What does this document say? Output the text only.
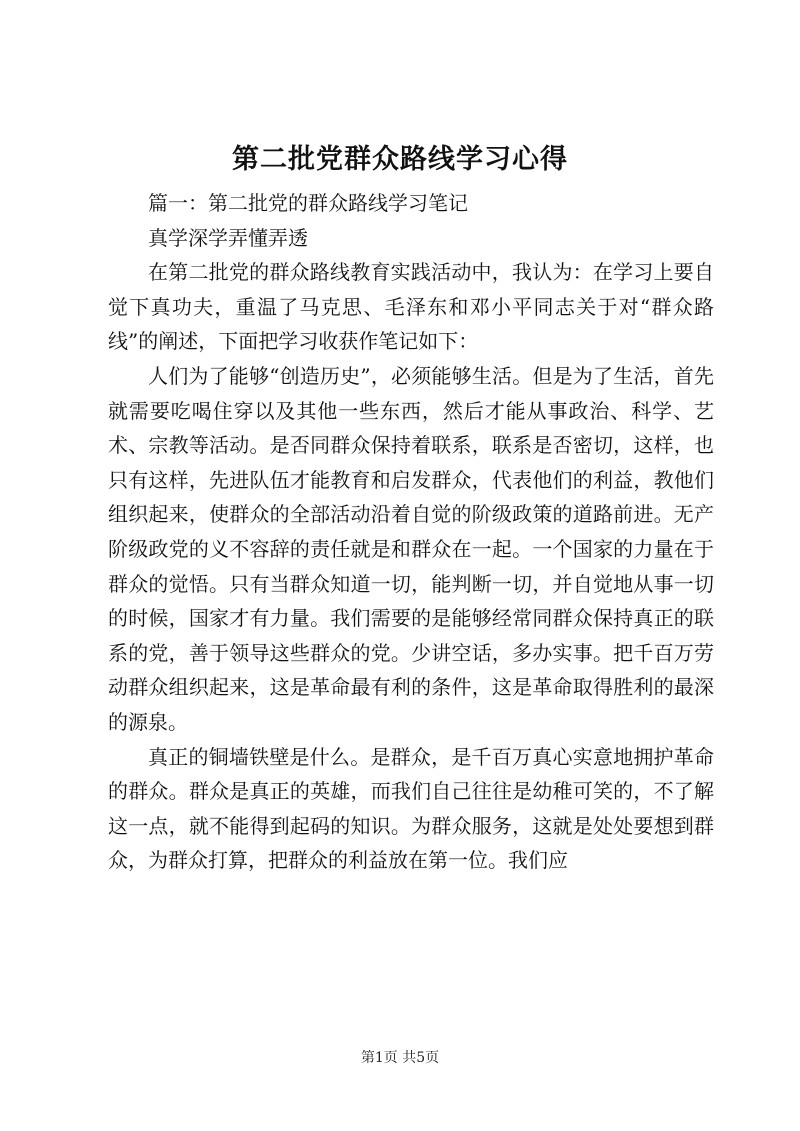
第二批党群众路线学习心得

篇一：第二批党的群众路线学习笔记

真学深学弄懂弄透

在第二批党的群众路线教育实践活动中，我认为：在学习上要自觉下真功夫，重温了马克思、毛泽东和邓小平同志关于对“群众路线”的阐述，下面把学习收获作笔记如下：

人们为了能够“创造历史”，必须能够生活。但是为了生活，首先就需要吃喝住穿以及其他一些东西，然后才能从事政治、科学、艺术、宗教等活动。是否同群众保持着联系，联系是否密切，这样，也只有这样，先进队伍才能教育和启发群众，代表他们的利益，教他们组织起来，使群众的全部活动沿着自觉的阶级政策的道路前进。无产阶级政党的义不容辞的责任就是和群众在一起。一个国家的力量在于群众的觉悟。只有当群众知道一切，能判断一切，并自觉地从事一切的时候，国家才有力量。我们需要的是能够经常同群众保持真正的联系的党，善于领导这些群众的党。少讲空话，多办实事。把千百万劳动群众组织起来，这是革命最有利的条件，这是革命取得胜利的最深的源泉。

真正的铜墙铁壁是什么。是群众，是千百万真心实意地拥护革命的群众。群众是真正的英雄，而我们自己往往是幼稚可笑的，不了解这一点，就不能得到起码的知识。为群众服务，这就是处处要想到群众，为群众打算，把群众的利益放在第一位。我们应

第1页 共5页
